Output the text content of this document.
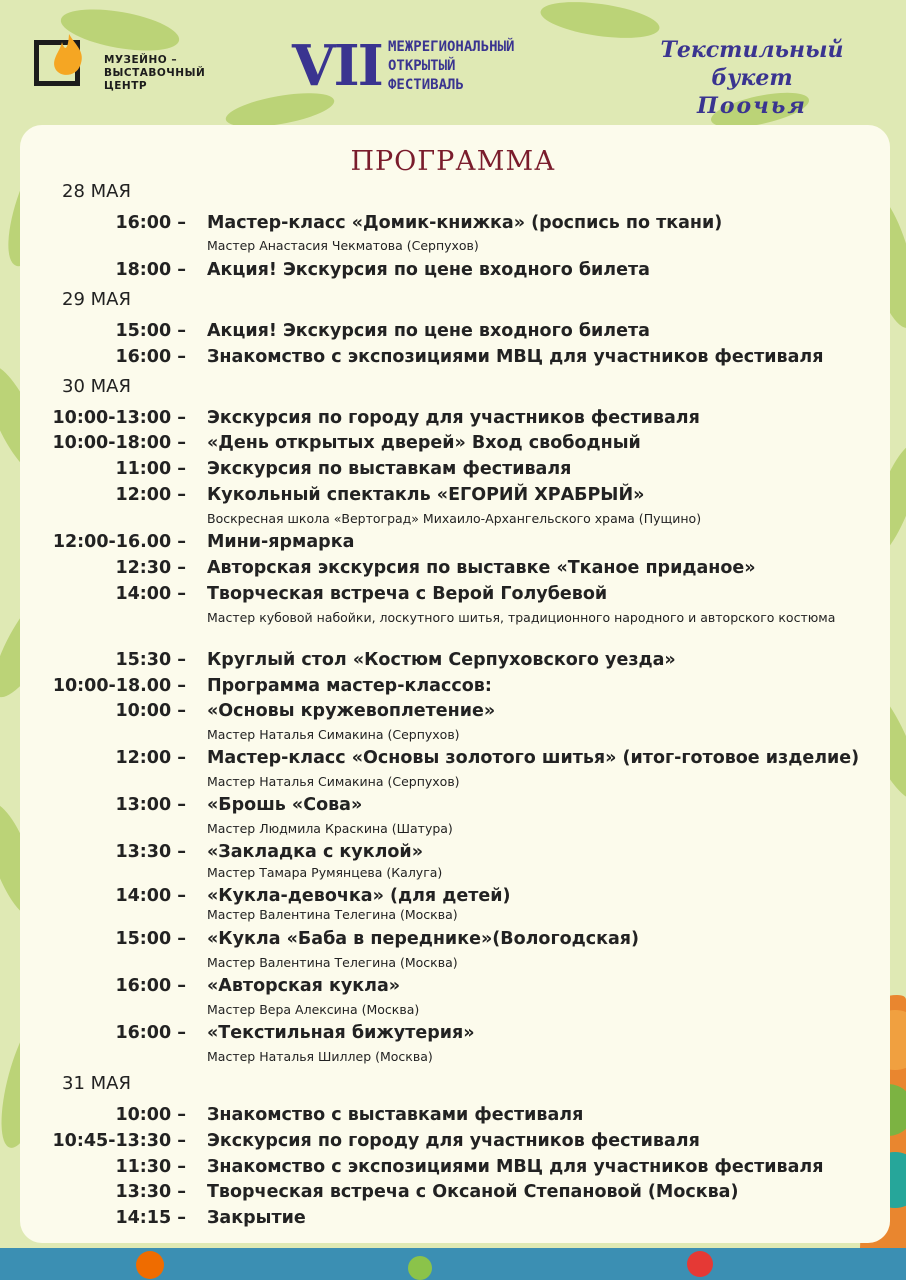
МУЗЕЙНО –
ВЫСТАВОЧНЫЙ
ЦЕНТР	VII МЕЖРЕГИОНАЛЬНЫЙ
ОТКРЫТЫЙ
ФЕСТИВАЛЬ
Текстильный букет
Поочья
ПРОГРАММА
28 МАЯ
29 МАЯ
30 МАЯ
31 МАЯ
16:00 – Мастер-класс «Домик-книжка» (роспись по ткани)
Мастер Анастасия Чекматова (Серпухов)
18:00 – Акция! Экскурсия по цене входного билета
15:00 – Акция! Экскурсия по цене входного билета
16:00 – Знакомство с экспозициями МВЦ для участников фестиваля
10:00-13:00 – Экскурсия по городу для участников фестиваля
10:00-18:00 – «День открытых дверей» Вход свободный
11:00 – Экскурсия по выставкам фестиваля
12:00 – Кукольный спектакль «ЕГОРИЙ ХРАБРЫЙ»
Воскресная школа «Вертоград» Михаило-Архангельского храма (Пущино)
12:00-16.00 – Мини-ярмарка
12:30 – Авторская экскурсия по выставке «Тканое приданое»
14:00 – Творческая встреча с Верой Голубевой
Мастер кубовой набойки, лоскутного шитья, традиционного народного и авторского костюма
15:30 – Круглый стол «Костюм Серпуховского уезда»
10:00-18.00 – Программа мастер-классов:
10:00 – «Основы кружевоплетение»
Мастер Наталья Симакина (Серпухов)
12:00 – Мастер-класс «Основы золотого шитья» (итог-готовое изделие)
Мастер Наталья Симакина (Серпухов)
13:00 – «Брошь «Сова»
Мастер Людмила Краскина (Шатура)
13:30 – «Закладка с куклой»
Мастер Тамара Румянцева (Калуга)
14:00 – «Кукла-девочка» (для детей)
Мастер Валентина Телегина (Москва)
15:00 – «Кукла «Баба в переднике»(Вологодская)
Мастер Валентина Телегина (Москва)
16:00 – «Авторская кукла»
Мастер Вера Алексина (Москва)
16:00 – «Текстильная бижутерия»
Мастер Наталья Шиллер (Москва)
10:00 – Знакомство с выставками фестиваля
10:45-13:30 – Экскурсия по городу для участников фестиваля
11:30 – Знакомство с экспозициями МВЦ для участников фестиваля
13:30 – Творческая встреча с Оксаной Степановой (Москва)
14:15 – Закрытие
